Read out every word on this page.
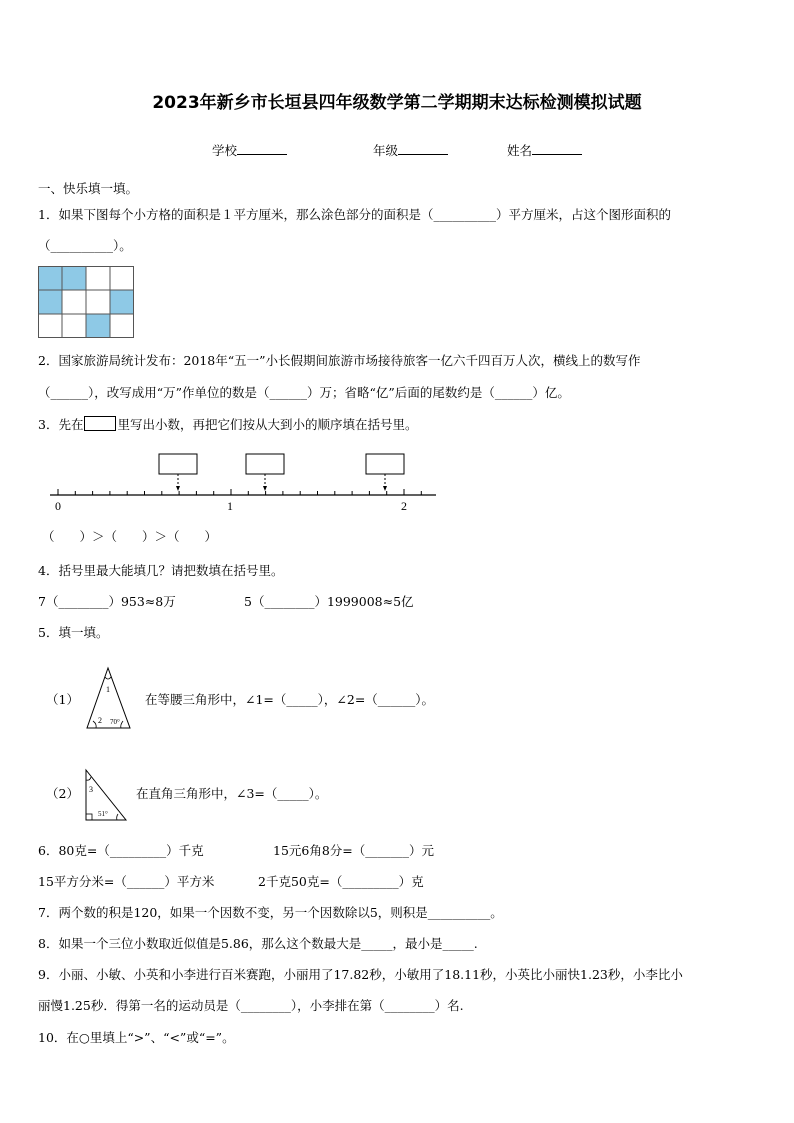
2023年新乡市长垣县四年级数学第二学期期末达标检测模拟试题
学校	年级	姓名
一、快乐填一填。
1．如果下图每个小方格的面积是１平方厘米，那么涂色部分的面积是（__________）平方厘米，占这个图形面积的
（__________）。
2．国家旅游局统计发布：2018年“五一”小长假期间旅游市场接待旅客一亿六千四百万人次，横线上的数写作
（______），改写成用“万”作单位的数是（______）万；省略“亿”后面的尾数约是（______）亿。
3．先在	里写出小数，再把它们按从大到小的顺序填在括号里。
0	1	2
（　　）＞（　　）＞（　　）
4．括号里最大能填几？请把数填在括号里。
7（________）953≈8万	5（________）1999008≈5亿
5．填一填。
（1）
1
2 70°
在等腰三角形中，∠1=（_____），∠2=（______）。
（2） 3
51°
在直角三角形中，∠3=（_____）。
6．80克=（_________）千克	15元6角8分=（_______）元
15平方分米=（______）平方米	2千克50克=（_________）克
7．两个数的积是120，如果一个因数不变，另一个因数除以5，则积是__________。
8．如果一个三位小数取近似值是5.86，那么这个数最大是_____，最小是_____.
9．小丽、小敏、小英和小李进行百米赛跑，小丽用了17.82秒，小敏用了18.11秒，小英比小丽快1.23秒，小李比小
丽慢1.25秒．得第一名的运动员是（________），小李排在第（________）名.
10．在○里填上“>”、“<”或“=”。
